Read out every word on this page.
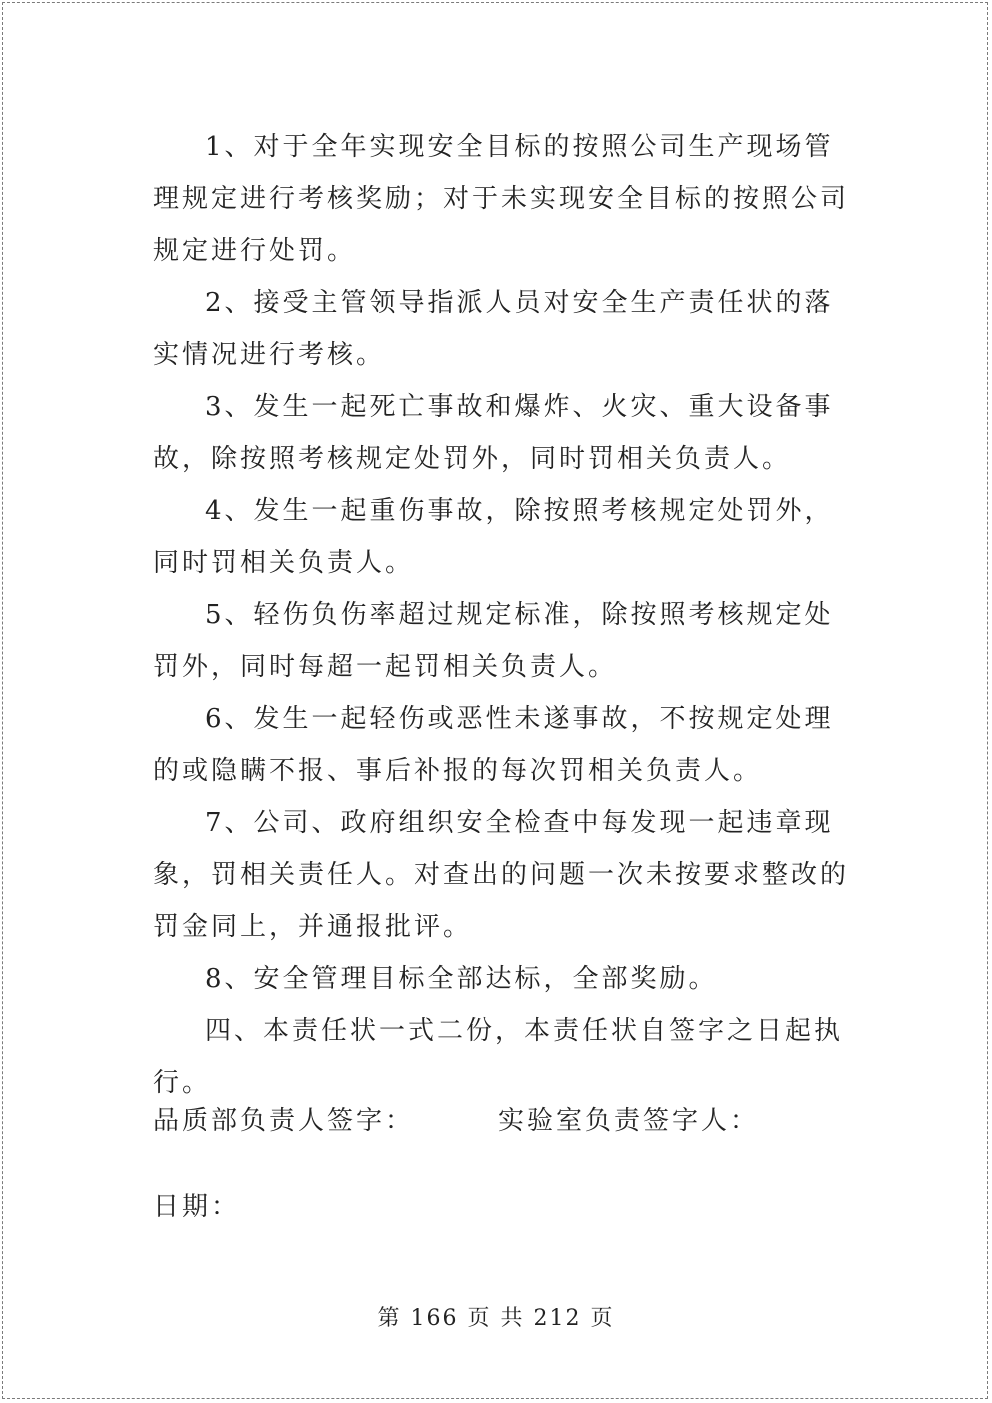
1、对于全年实现安全目标的按照公司生产现场管理规定进行考核奖励；对于未实现安全目标的按照公司规定进行处罚。

2、接受主管领导指派人员对安全生产责任状的落实情况进行考核。

3、发生一起死亡事故和爆炸、火灾、重大设备事故，除按照考核规定处罚外，同时罚相关负责人。

4、发生一起重伤事故，除按照考核规定处罚外，同时罚相关负责人。

5、轻伤负伤率超过规定标准，除按照考核规定处罚外，同时每超一起罚相关负责人。

6、发生一起轻伤或恶性未遂事故，不按规定处理的或隐瞒不报、事后补报的每次罚相关负责人。

7、公司、政府组织安全检查中每发现一起违章现象，罚相关责任人。对查出的问题一次未按要求整改的罚金同上，并通报批评。

8、安全管理目标全部达标，全部奖励。

四、本责任状一式二份，本责任状自签字之日起执行。

品质部负责人签字：	实验室负责签字人：
日期：
第 166 页 共 212 页
